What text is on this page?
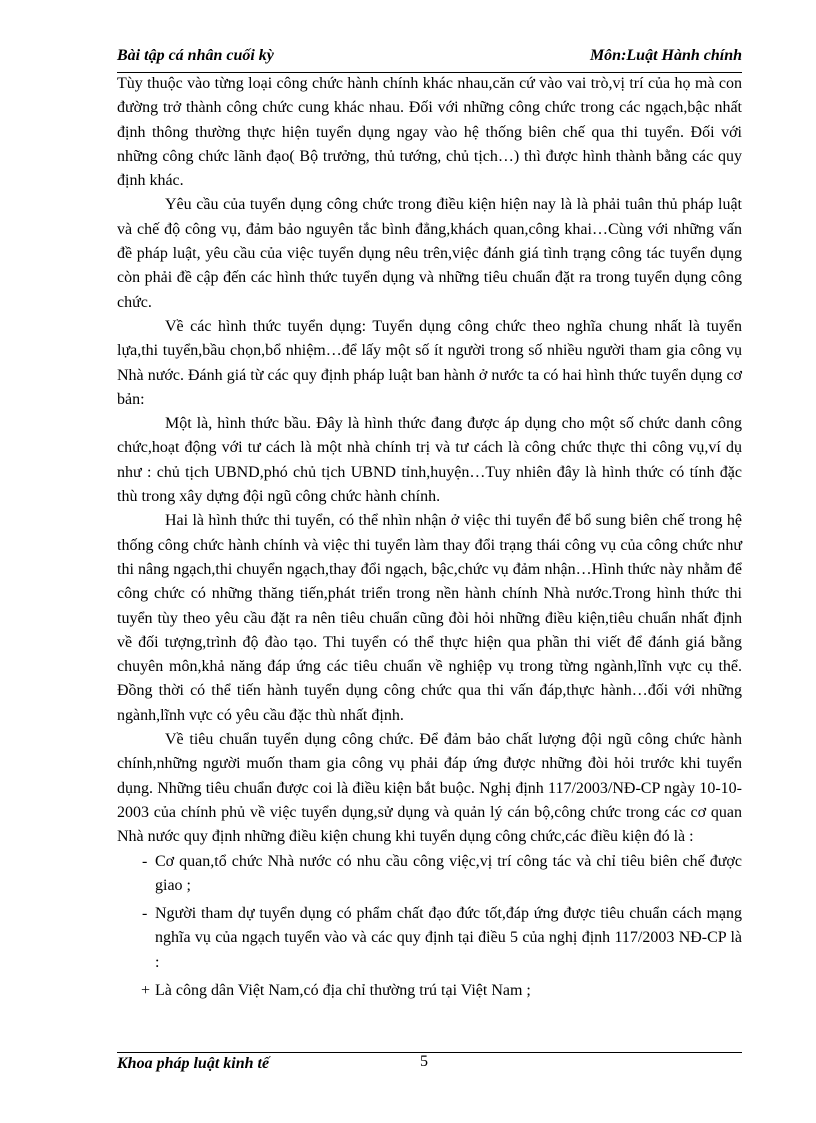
Bài tập cá nhân cuối kỳ	Môn:Luật Hành chính

Tùy thuộc vào từng loại công chức hành chính khác nhau,căn cứ vào vai trò,vị trí của họ mà con đường trở thành công chức cung khác nhau. Đối với những công chức trong các ngạch,bậc nhất định thông thường thực hiện tuyển dụng ngay vào hệ thống biên chế qua thi tuyển. Đối với những công chức lãnh đạo( Bộ trưởng, thủ tướng, chủ tịch…) thì được hình thành bằng các quy định khác.

Yêu cầu của tuyển dụng công chức trong điều kiện hiện nay là là phải tuân thủ pháp luật và chế độ công vụ, đảm bảo nguyên tắc bình đẳng,khách quan,công khai…Cùng với những vấn đề pháp luật, yêu cầu của việc tuyển dụng nêu trên,việc đánh giá tình trạng công tác tuyển dụng còn phải đề cập đến các hình thức tuyển dụng và những tiêu chuẩn đặt ra trong tuyển dụng công chức.

Về các hình thức tuyển dụng: Tuyển dụng công chức theo nghĩa chung nhất là tuyển lựa,thi tuyển,bầu chọn,bổ nhiệm…để lấy một số ít người trong số nhiều người tham gia công vụ Nhà nước. Đánh giá từ các quy định pháp luật ban hành ở nước ta có hai hình thức tuyển dụng cơ bản:

Một là, hình thức bầu. Đây là hình thức đang được áp dụng cho một số chức danh công chức,hoạt động với tư cách là một nhà chính trị và tư cách là công chức thực thi công vụ,ví dụ như : chủ tịch UBND,phó chủ tịch UBND tỉnh,huyện…Tuy nhiên đây là hình thức có tính đặc thù trong xây dựng đội ngũ công chức hành chính.

Hai là hình thức thi tuyển, có thể nhìn nhận ở việc thi tuyển để bổ sung biên chế trong hệ thống công chức hành chính và việc thi tuyển làm thay đổi trạng thái công vụ của công chức như thi nâng ngạch,thi chuyển ngạch,thay đổi ngạch, bậc,chức vụ đảm nhận…Hình thức này nhằm để công chức có những thăng tiến,phát triển trong nền hành chính Nhà nước.Trong hình thức thi tuyển tùy theo yêu cầu đặt ra nên tiêu chuẩn cũng đòi hỏi những điều kiện,tiêu chuẩn nhất định về đối tượng,trình độ đào tạo. Thi tuyển có thể thực hiện qua phần thi viết để đánh giá bằng chuyên môn,khả năng đáp ứng các tiêu chuẩn về nghiệp vụ trong từng ngành,lĩnh vực cụ thể. Đồng thời có thể tiến hành tuyển dụng công chức qua thi vấn đáp,thực hành…đối với những ngành,lĩnh vực có yêu cầu đặc thù nhất định.

Về tiêu chuẩn tuyển dụng công chức. Để đảm bảo chất lượng đội ngũ công chức hành chính,những người muốn tham gia công vụ phải đáp ứng được những đòi hỏi trước khi tuyển dụng. Những tiêu chuẩn được coi là điều kiện bắt buộc. Nghị định 117/2003/NĐ-CP ngày 10-10-2003 của chính phủ về việc tuyển dụng,sử dụng và quản lý cán bộ,công chức trong các cơ quan Nhà nước quy định những điều kiện chung khi tuyển dụng công chức,các điều kiện đó là :

- Cơ quan,tổ chức Nhà nước có nhu cầu công việc,vị trí công tác và chỉ tiêu biên chế được giao ;
- Người tham dự tuyển dụng có phẩm chất đạo đức tốt,đáp ứng được tiêu chuẩn cách mạng nghĩa vụ của ngạch tuyển vào và các quy định tại điều 5 của nghị định 117/2003 NĐ-CP là :
+ Là công dân Việt Nam,có địa chỉ thường trú tại Việt Nam ;
Khoa pháp luật kinh tế	5
